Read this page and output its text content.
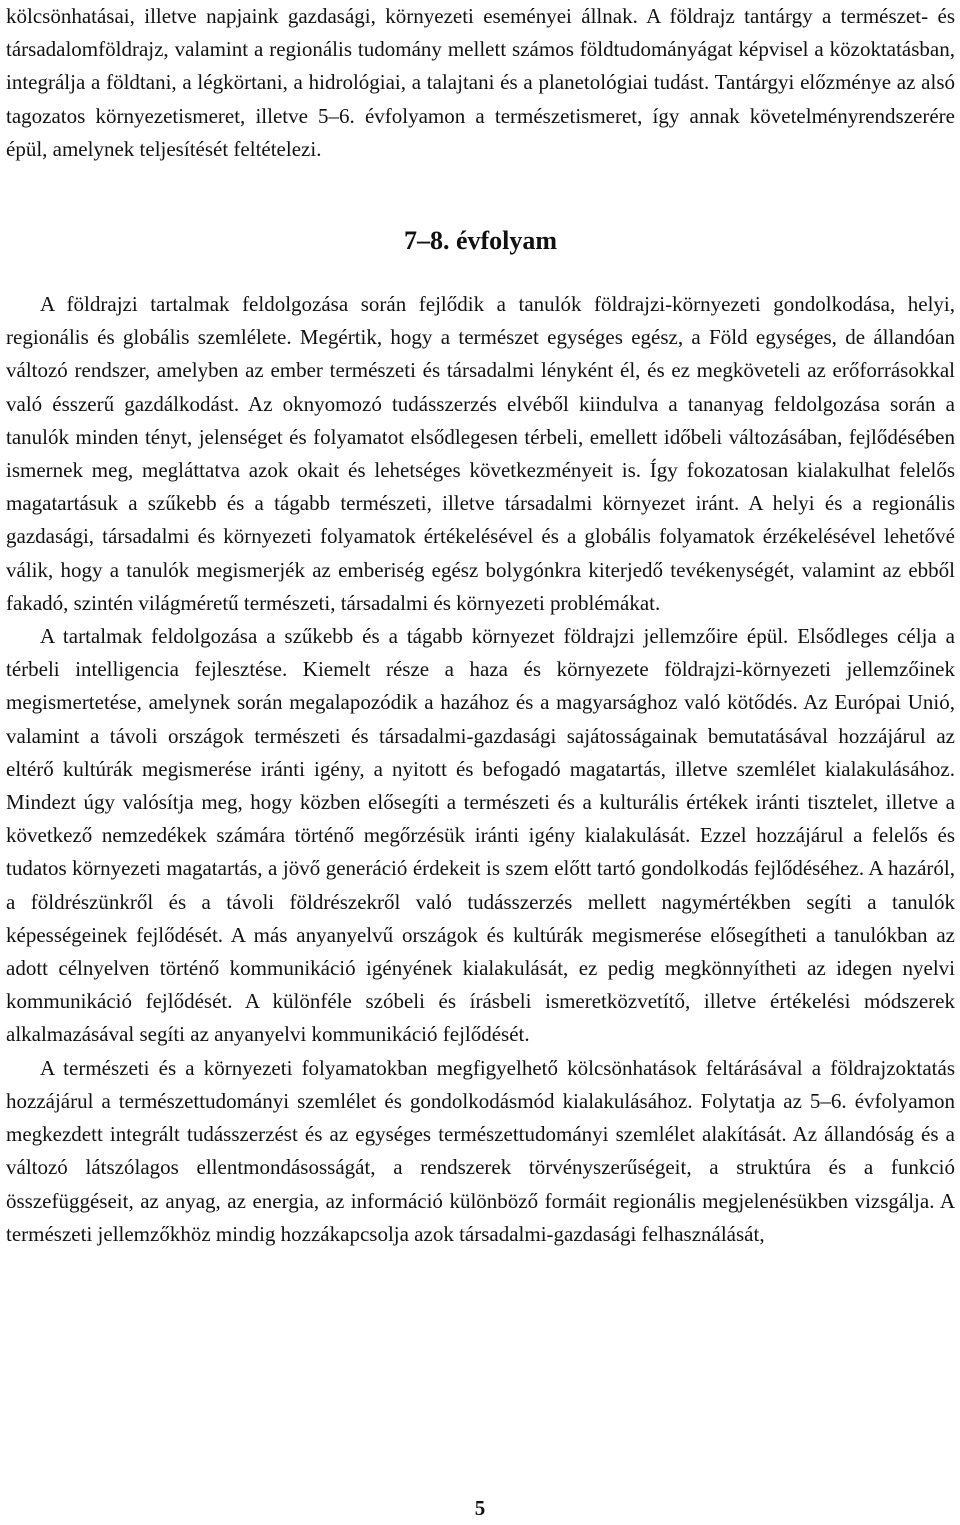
kölcsönhatásai, illetve napjaink gazdasági, környezeti eseményei állnak. A földrajz tantárgy a természet- és társadalomföldrajz, valamint a regionális tudomány mellett számos földtudományágat képvisel a közoktatásban, integrálja a földtani, a légkörtani, a hidrológiai, a talajtani és a planetológiai tudást. Tantárgyi előzménye az alsó tagozatos környezetismeret, illetve 5–6. évfolyamon a természetismeret, így annak követelményrendszerére épül, amelynek teljesítését feltételezi.

7–8. évfolyam

A földrajzi tartalmak feldolgozása során fejlődik a tanulók földrajzi-környezeti gondolkodása, helyi, regionális és globális szemlélete. Megértik, hogy a természet egységes egész, a Föld egységes, de állandóan változó rendszer, amelyben az ember természeti és társadalmi lényként él, és ez megköveteli az erőforrásokkal való ésszerű gazdálkodást. Az oknyomozó tudásszerzés elvéből kiindulva a tananyag feldolgozása során a tanulók minden tényt, jelenséget és folyamatot elsődlegesen térbeli, emellett időbeli változásában, fejlődésében ismernek meg, megláttatva azok okait és lehetséges következményeit is. Így fokozatosan kialakulhat felelős magatartásuk a szűkebb és a tágabb természeti, illetve társadalmi környezet iránt. A helyi és a regionális gazdasági, társadalmi és környezeti folyamatok értékelésével és a globális folyamatok érzékelésével lehetővé válik, hogy a tanulók megismerjék az emberiség egész bolygónkra kiterjedő tevékenységét, valamint az ebből fakadó, szintén világméretű természeti, társadalmi és környezeti problémákat.

A tartalmak feldolgozása a szűkebb és a tágabb környezet földrajzi jellemzőire épül. Elsődleges célja a térbeli intelligencia fejlesztése. Kiemelt része a haza és környezete földrajzi-környezeti jellemzőinek megismertetése, amelynek során megalapozódik a hazához és a magyarsághoz való kötődés. Az Európai Unió, valamint a távoli országok természeti és társadalmi-gazdasági sajátosságainak bemutatásával hozzájárul az eltérő kultúrák megismerése iránti igény, a nyitott és befogadó magatartás, illetve szemlélet kialakulásához. Mindezt úgy valósítja meg, hogy közben elősegíti a természeti és a kulturális értékek iránti tisztelet, illetve a következő nemzedékek számára történő megőrzésük iránti igény kialakulását. Ezzel hozzájárul a felelős és tudatos környezeti magatartás, a jövő generáció érdekeit is szem előtt tartó gondolkodás fejlődéséhez. A hazáról, a földrészünkről és a távoli földrészekről való tudásszerzés mellett nagymértékben segíti a tanulók képességeinek fejlődését. A más anyanyelvű országok és kultúrák megismerése elősegítheti a tanulókban az adott célnyelven történő kommunikáció igényének kialakulását, ez pedig megkönnyítheti az idegen nyelvi kommunikáció fejlődését. A különféle szóbeli és írásbeli ismeretközvetítő, illetve értékelési módszerek alkalmazásával segíti az anyanyelvi kommunikáció fejlődését.

A természeti és a környezeti folyamatokban megfigyelhető kölcsönhatások feltárásával a földrajzoktatás hozzájárul a természettudományi szemlélet és gondolkodásmód kialakulásához. Folytatja az 5–6. évfolyamon megkezdett integrált tudásszerzést és az egységes természettudományi szemlélet alakítását. Az állandóság és a változó látszólagos ellentmondásosságát, a rendszerek törvényszerűségeit, a struktúra és a funkció összefüggéseit, az anyag, az energia, az információ különböző formáit regionális megjelenésükben vizsgálja. A természeti jellemzőkhöz mindig hozzákapcsolja azok társadalmi-gazdasági felhasználását,

5
